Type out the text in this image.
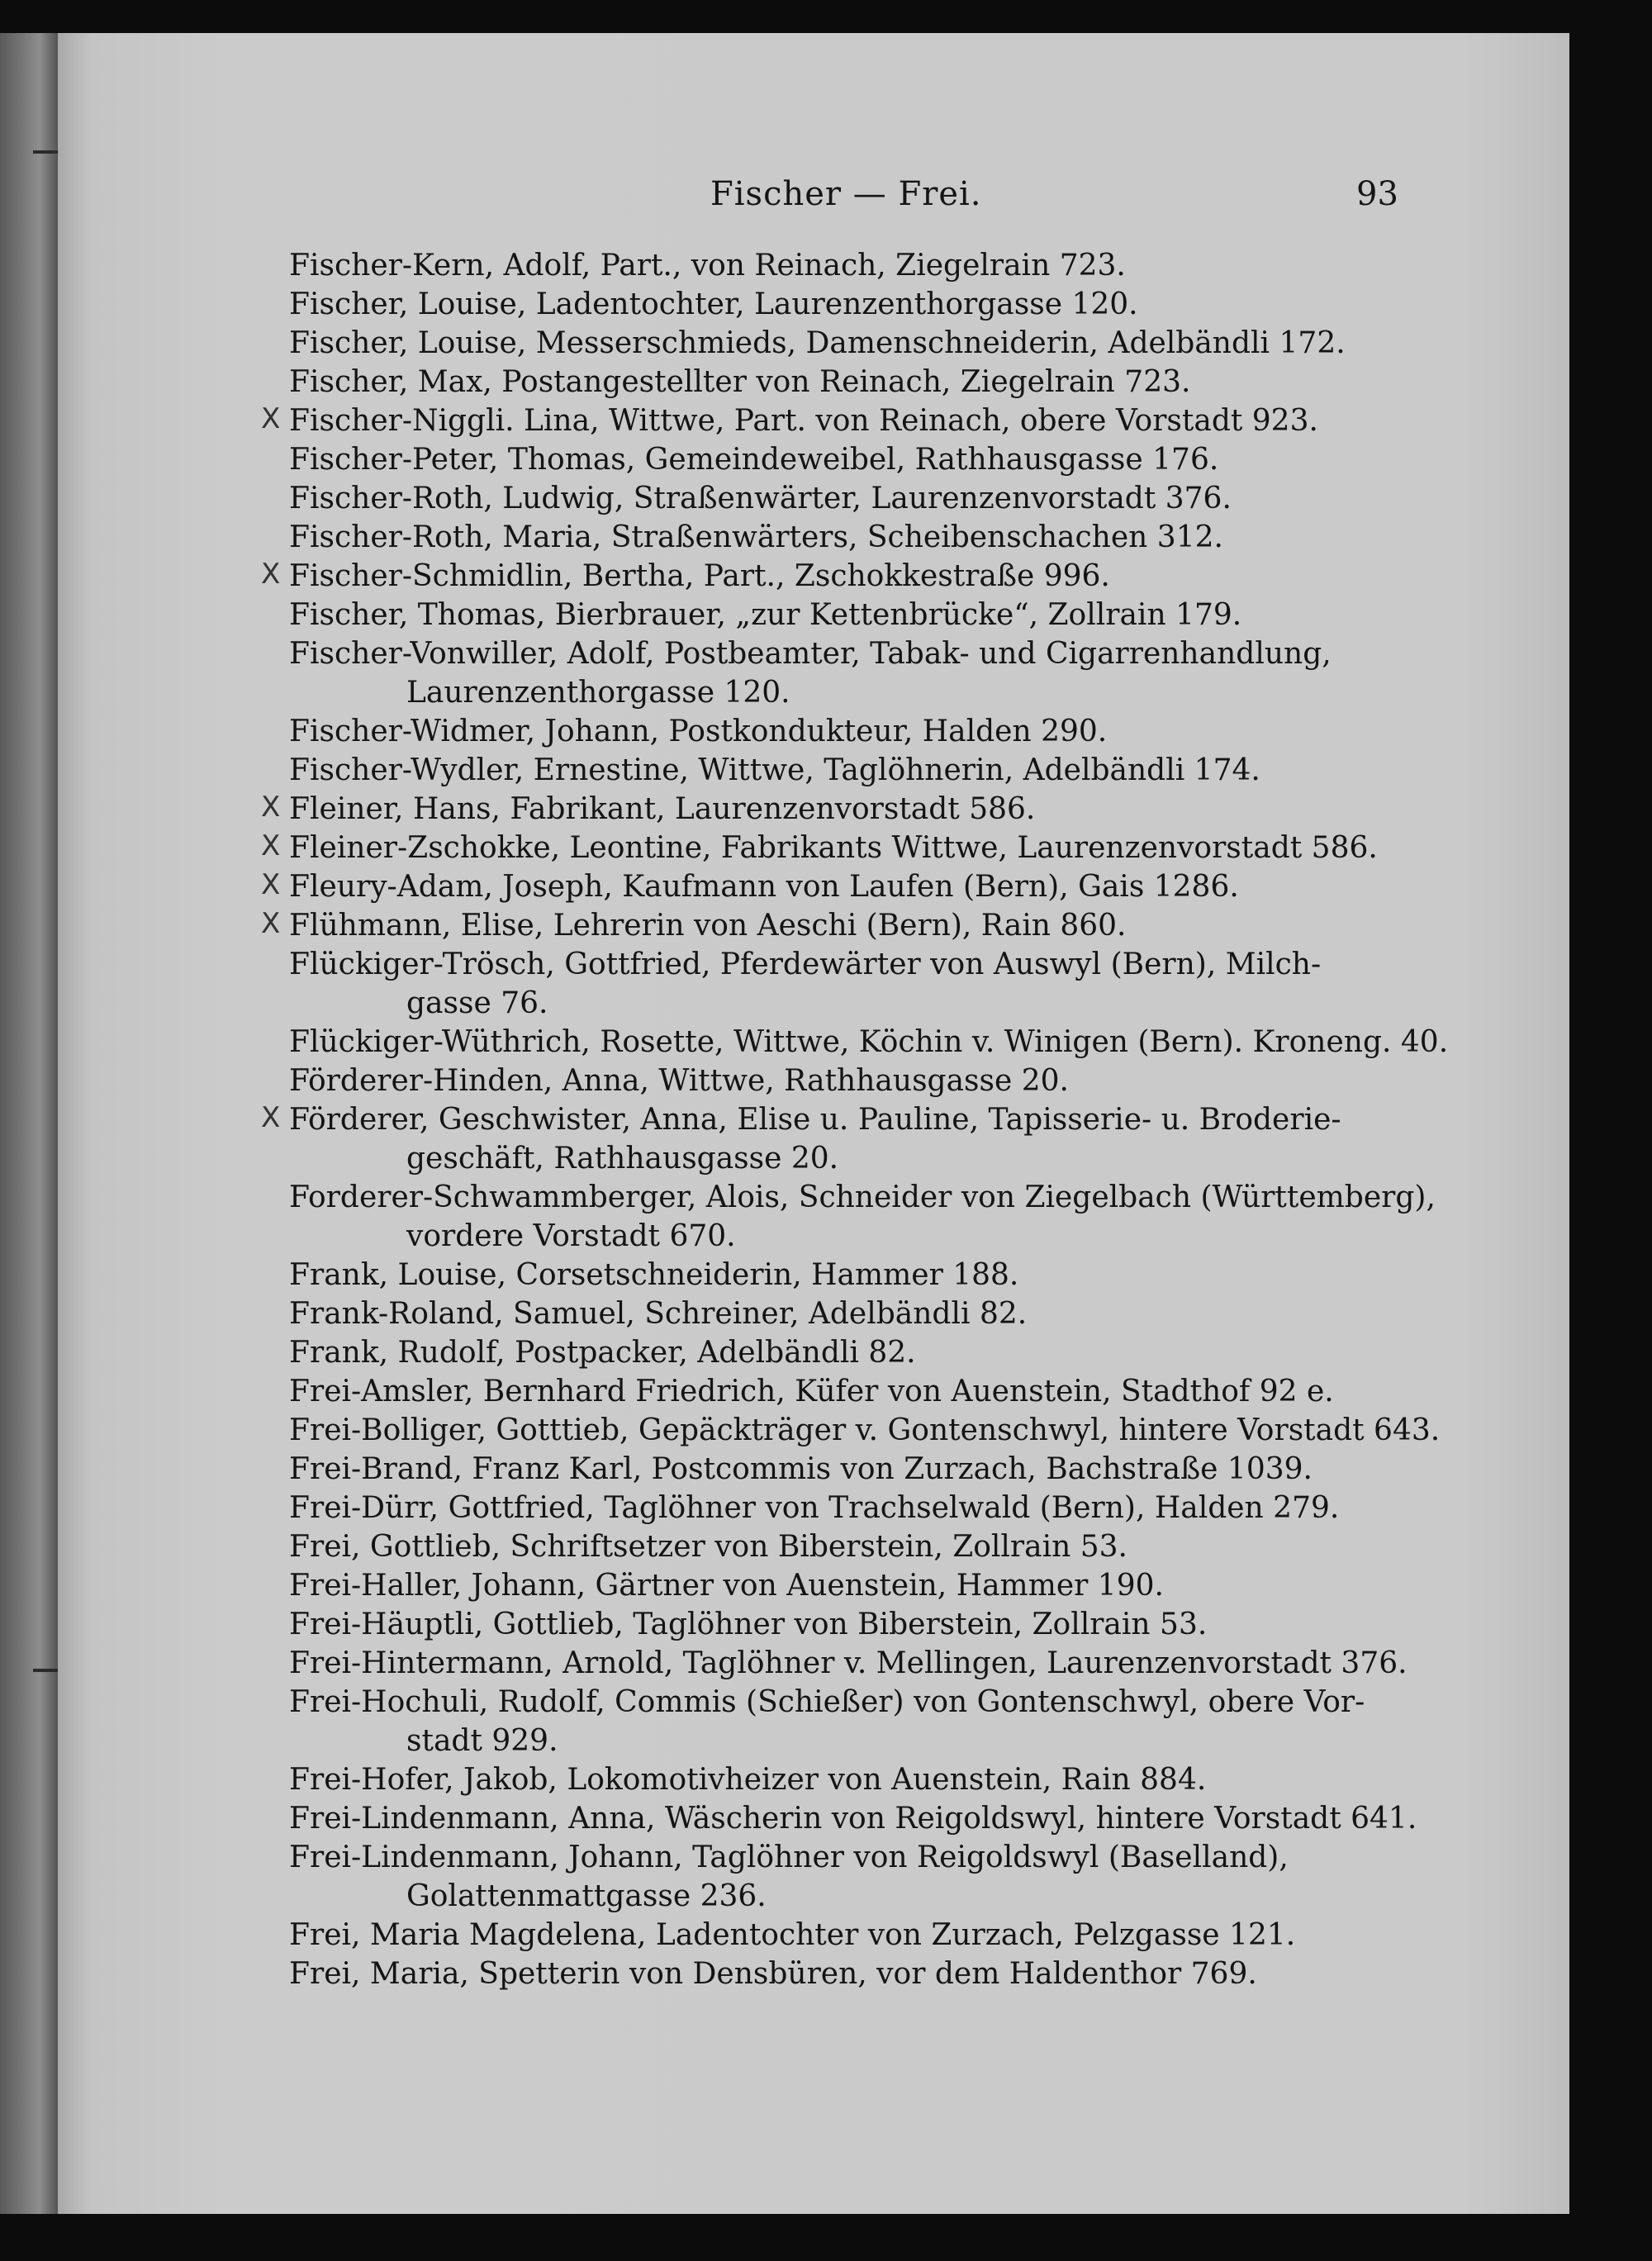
Fischer — Frei.	93
Fischer-Kern, Adolf, Part., von Reinach, Ziegelrain 723.
Fischer, Louise, Ladentochter, Laurenzenthorgasse 120.
Fischer, Louise, Messerschmieds, Damenschneiderin, Adelbändli 172.
Fischer, Max, Postangestellter von Reinach, Ziegelrain 723.
X Fischer-Niggli. Lina, Wittwe, Part. von Reinach, obere Vorstadt 923.
Fischer-Peter, Thomas, Gemeindeweibel, Rathhausgasse 176.
Fischer-Roth, Ludwig, Straßenwärter, Laurenzenvorstadt 376.
Fischer-Roth, Maria, Straßenwärters, Scheibenschachen 312.
X Fischer-Schmidlin, Bertha, Part., Zschokkestraße 996.
Fischer, Thomas, Bierbrauer, „zur Kettenbrücke“, Zollrain 179.
Fischer-Vonwiller, Adolf, Postbeamter, Tabak- und Cigarrenhandlung,
Laurenzenthorgasse 120.
Fischer-Widmer, Johann, Postkondukteur, Halden 290.
Fischer-Wydler, Ernestine, Wittwe, Taglöhnerin, Adelbändli 174.
X Fleiner, Hans, Fabrikant, Laurenzenvorstadt 586.
X Fleiner-Zschokke, Leontine, Fabrikants Wittwe, Laurenzenvorstadt 586.
X Fleury-Adam, Joseph, Kaufmann von Laufen (Bern), Gais 1286.
X Flühmann, Elise, Lehrerin von Aeschi (Bern), Rain 860.
Flückiger-Trösch, Gottfried, Pferdewärter von Auswyl (Bern), Milch-
gasse 76.
Flückiger-Wüthrich, Rosette, Wittwe, Köchin v. Winigen (Bern). Kroneng. 40.
Förderer-Hinden, Anna, Wittwe, Rathhausgasse 20.
X Förderer, Geschwister, Anna, Elise u. Pauline, Tapisserie- u. Broderie-
geschäft, Rathhausgasse 20.
Forderer-Schwammberger, Alois, Schneider von Ziegelbach (Württemberg),
vordere Vorstadt 670.
Frank, Louise, Corsetschneiderin, Hammer 188.
Frank-Roland, Samuel, Schreiner, Adelbändli 82.
Frank, Rudolf, Postpacker, Adelbändli 82.
Frei-Amsler, Bernhard Friedrich, Küfer von Auenstein, Stadthof 92 e.
Frei-Bolliger, Gotttieb, Gepäckträger v. Gontenschwyl, hintere Vorstadt 643.
Frei-Brand, Franz Karl, Postcommis von Zurzach, Bachstraße 1039.
Frei-Dürr, Gottfried, Taglöhner von Trachselwald (Bern), Halden 279.
Frei, Gottlieb, Schriftsetzer von Biberstein, Zollrain 53.
Frei-Haller, Johann, Gärtner von Auenstein, Hammer 190.
Frei-Häuptli, Gottlieb, Taglöhner von Biberstein, Zollrain 53.
Frei-Hintermann, Arnold, Taglöhner v. Mellingen, Laurenzenvorstadt 376.
Frei-Hochuli, Rudolf, Commis (Schießer) von Gontenschwyl, obere Vor-
stadt 929.
Frei-Hofer, Jakob, Lokomotivheizer von Auenstein, Rain 884.
Frei-Lindenmann, Anna, Wäscherin von Reigoldswyl, hintere Vorstadt 641.
Frei-Lindenmann, Johann, Taglöhner von Reigoldswyl (Baselland),
Golattenmattgasse 236.
Frei, Maria Magdelena, Ladentochter von Zurzach, Pelzgasse 121.
Frei, Maria, Spetterin von Densbüren, vor dem Haldenthor 769.
